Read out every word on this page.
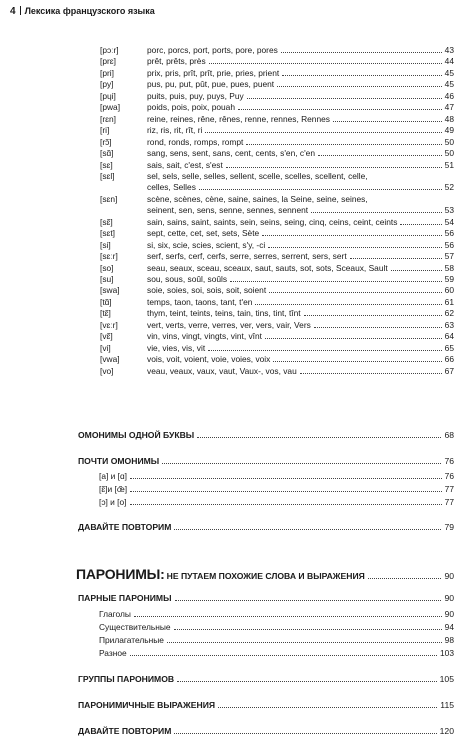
4 Лексика французского языка
[pɔːr]	porc, porcs, port, ports, pore, pores	43
[prɛ]	prêt, prêts, près	44
[pri]	prix, pris, prît, prît, prie, pries, prient	45
[py]	pus, pu, put, pût, pue, pues, puent	45
[pɥi]	puits, puis, puy, puys, Puy	46
[pwa]	poids, pois, poix, pouah	47
[rɛn]	reine, reines, rêne, rênes, renne, rennes, Rennes	48
[ri]	riz, ris, rit, rît, ri	49
[rɔ̃]	rond, ronds, romps, rompt	50
[sɑ̃]	sang, sens, sent, sans, cent, cents, s'en, c'en	50
[sɛ]	sais, sait, c'est, s'est	51
[sɛl]	sel, sels, selle, selles, sellent, scelle, scelles, scellent, celle,
celles, Selles	52
[sɛn]	scène, scènes, cène, saine, saines, la Seine, seine, seines,
seinent, sen, sens, senne, sennes, sennent	53
[sɛ̃]	sain, sains, saint, saints, sein, seins, seing, cinq, ceins, ceint, ceints	54
[sɛt]	sept, cette, cet, set, sets, Sète	56
[si]	si, six, scie, scies, scient, s'y, -ci	56
[sɛːr]	serf, serfs, cerf, cerfs, serre, serres, serrent, sers, sert	57
[so]	seau, seaux, sceau, sceaux, saut, sauts, sot, sots, Sceaux, Sault	58
[su]	sou, sous, soûl, soûls	59
[swa]	soie, soies, soi, sois, soit, soient	60
[tɑ̃]	temps, taon, taons, tant, t'en	61
[tɛ̃]	thym, teint, teints, teins, tain, tins, tint, tînt	62
[vɛːr]	vert, verts, verre, verres, ver, vers, vair, Vers	63
[vɛ̃]	vin, vins, vingt, vingts, vint, vînt	64
[vi]	vie, vies, vis, vit	65
[vwa]	vois, voit, voient, voie, voies, voix	66
[vo]	veau, veaux, vaux, vaut, Vaux-, vos, vau	67
ОМОНИМЫ ОДНОЙ БУКВЫ	68
ПОЧТИ ОМОНИМЫ	76
[a] и [ɑ]	76
[ɛ̃]и [œ̃]	77
[ɔ] и [o]	77
ДАВАЙТЕ ПОВТОРИМ	79
ПАРОНИМЫ: НЕ ПУТАЕМ ПОХОЖИЕ СЛОВА И ВЫРАЖЕНИЯ	90
ПАРНЫЕ ПАРОНИМЫ	90
Глаголы	90
Существительные	94
Прилагательные	98
Разное	103
ГРУППЫ ПАРОНИМОВ	105
ПАРОНИМИЧНЫЕ ВЫРАЖЕНИЯ	115
ДАВАЙТЕ ПОВТОРИМ	120
